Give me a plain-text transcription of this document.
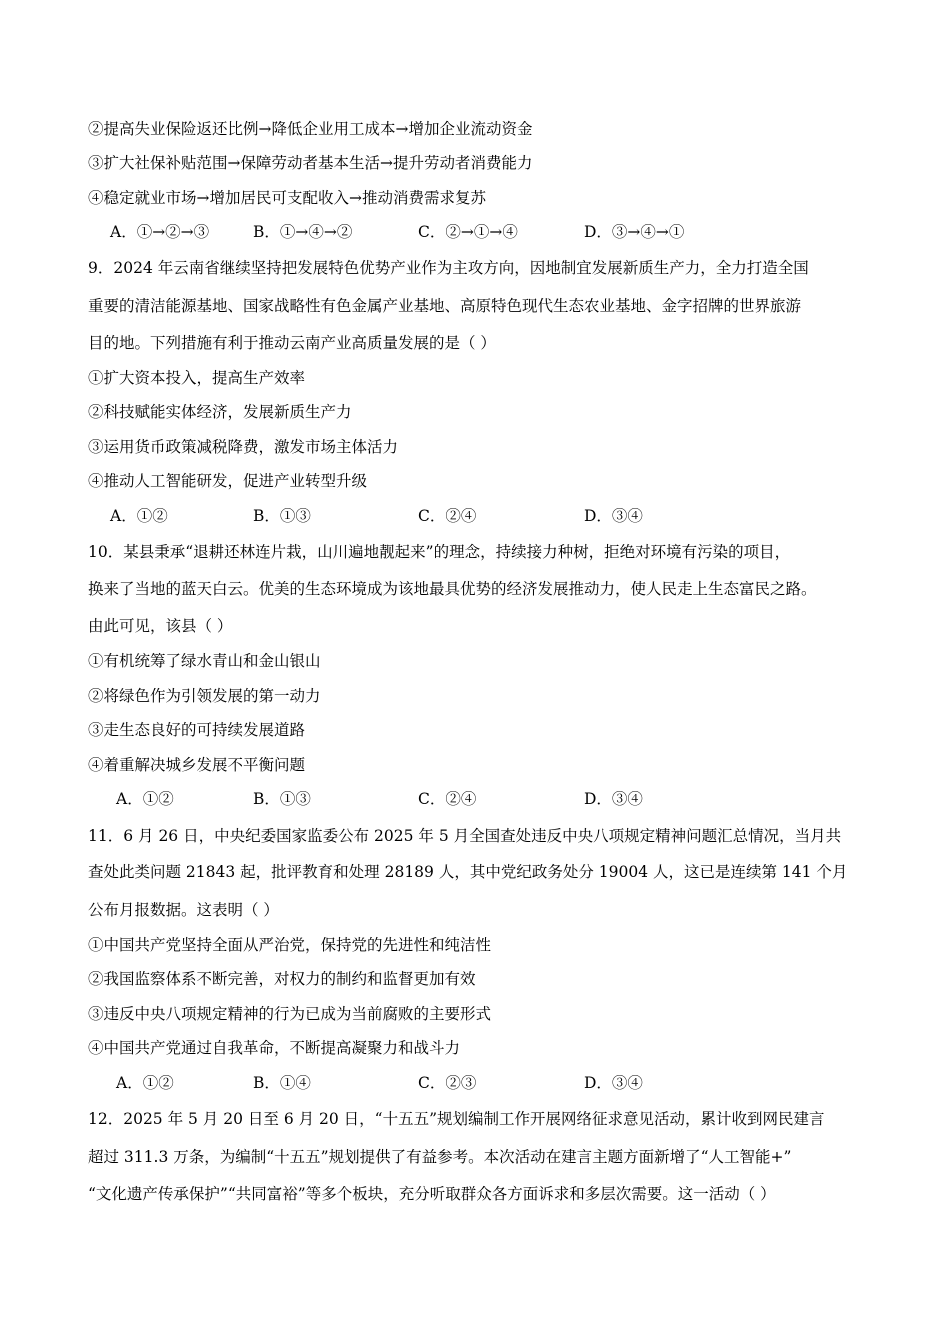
②提高失业保险返还比例→降低企业用工成本→增加企业流动资金
③扩大社保补贴范围→保障劳动者基本生活→提升劳动者消费能力
④稳定就业市场→增加居民可支配收入→推动消费需求复苏
A．①→②→③	B．①→④→②	C．②→①→④	D．③→④→①
9．2024 年云南省继续坚持把发展特色优势产业作为主攻方向，因地制宜发展新质生产力，全力打造全国
重要的清洁能源基地、国家战略性有色金属产业基地、高原特色现代生态农业基地、金字招牌的世界旅游
目的地。下列措施有利于推动云南产业高质量发展的是（ ）
①扩大资本投入，提高生产效率
②科技赋能实体经济，发展新质生产力
③运用货币政策减税降费，激发市场主体活力
④推动人工智能研发，促进产业转型升级
A．①②	B．①③	C．②④	D．③④
10．某县秉承“退耕还林连片栽，山川遍地靓起来”的理念，持续接力种树，拒绝对环境有污染的项目，
换来了当地的蓝天白云。优美的生态环境成为该地最具优势的经济发展推动力，使人民走上生态富民之路。
由此可见，该县（ ）
①有机统筹了绿水青山和金山银山
②将绿色作为引领发展的第一动力
③走生态良好的可持续发展道路
④着重解决城乡发展不平衡问题
A．①②	B．①③	C．②④	D．③④
11．6 月 26 日，中央纪委国家监委公布 2025 年 5 月全国查处违反中央八项规定精神问题汇总情况，当月共
查处此类问题 21843 起，批评教育和处理 28189 人，其中党纪政务处分 19004 人，这已是连续第 141 个月
公布月报数据。这表明（ ）
①中国共产党坚持全面从严治党，保持党的先进性和纯洁性
②我国监察体系不断完善，对权力的制约和监督更加有效
③违反中央八项规定精神的行为已成为当前腐败的主要形式
④中国共产党通过自我革命，不断提高凝聚力和战斗力
A．①②	B．①④	C．②③	D．③④
12．2025 年 5 月 20 日至 6 月 20 日，“十五五”规划编制工作开展网络征求意见活动，累计收到网民建言
超过 311.3 万条，为编制“十五五”规划提供了有益参考。本次活动在建言主题方面新增了“人工智能+”
“文化遗产传承保护”“共同富裕”等多个板块，充分听取群众各方面诉求和多层次需要。这一活动（ ）
